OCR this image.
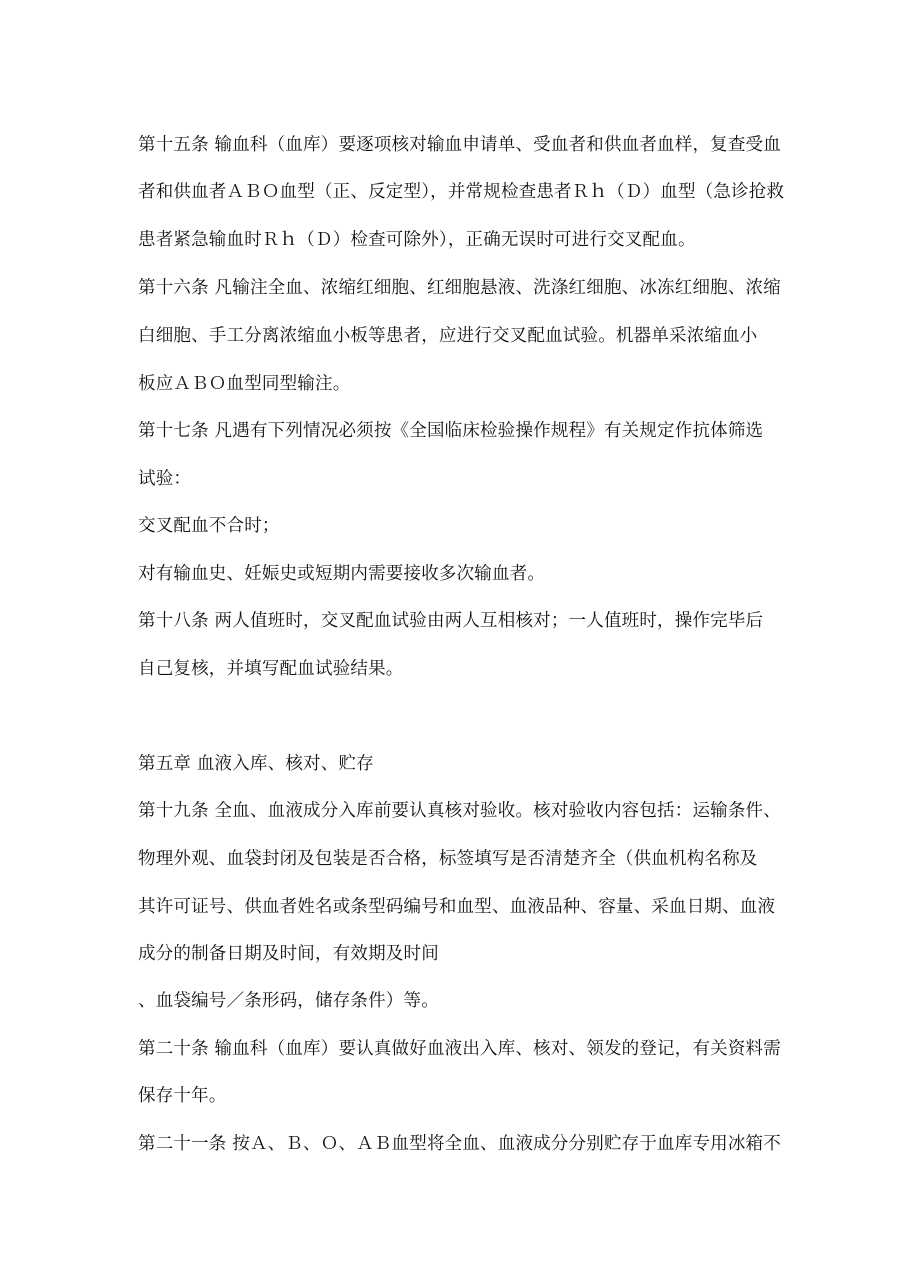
第十五条 输血科（血库）要逐项核对输血申请单、受血者和供血者血样，复查受血
者和供血者ＡＢＯ血型（正、反定型），并常规检查患者Ｒｈ（Ｄ）血型（急诊抢救
患者紧急输血时Ｒｈ（Ｄ）检查可除外），正确无误时可进行交叉配血。
第十六条 凡输注全血、浓缩红细胞、红细胞悬液、洗涤红细胞、冰冻红细胞、浓缩
白细胞、手工分离浓缩血小板等患者，应进行交叉配血试验。机器单采浓缩血小
板应ＡＢＯ血型同型输注。
第十七条 凡遇有下列情况必须按《全国临床检验操作规程》有关规定作抗体筛选
试验：
交叉配血不合时；
对有输血史、妊娠史或短期内需要接收多次输血者。
第十八条 两人值班时，交叉配血试验由两人互相核对；一人值班时，操作完毕后
自己复核，并填写配血试验结果。
第五章 血液入库、核对、贮存
第十九条 全血、血液成分入库前要认真核对验收。核对验收内容包括：运输条件、
物理外观、血袋封闭及包装是否合格，标签填写是否清楚齐全（供血机构名称及
其许可证号、供血者姓名或条型码编号和血型、血液品种、容量、采血日期、血液
成分的制备日期及时间，有效期及时间
、血袋编号／条形码，储存条件）等。
第二十条 输血科（血库）要认真做好血液出入库、核对、领发的登记，有关资料需
保存十年。
第二十一条 按Ａ、Ｂ、Ｏ、ＡＢ血型将全血、血液成分分别贮存于血库专用冰箱不
